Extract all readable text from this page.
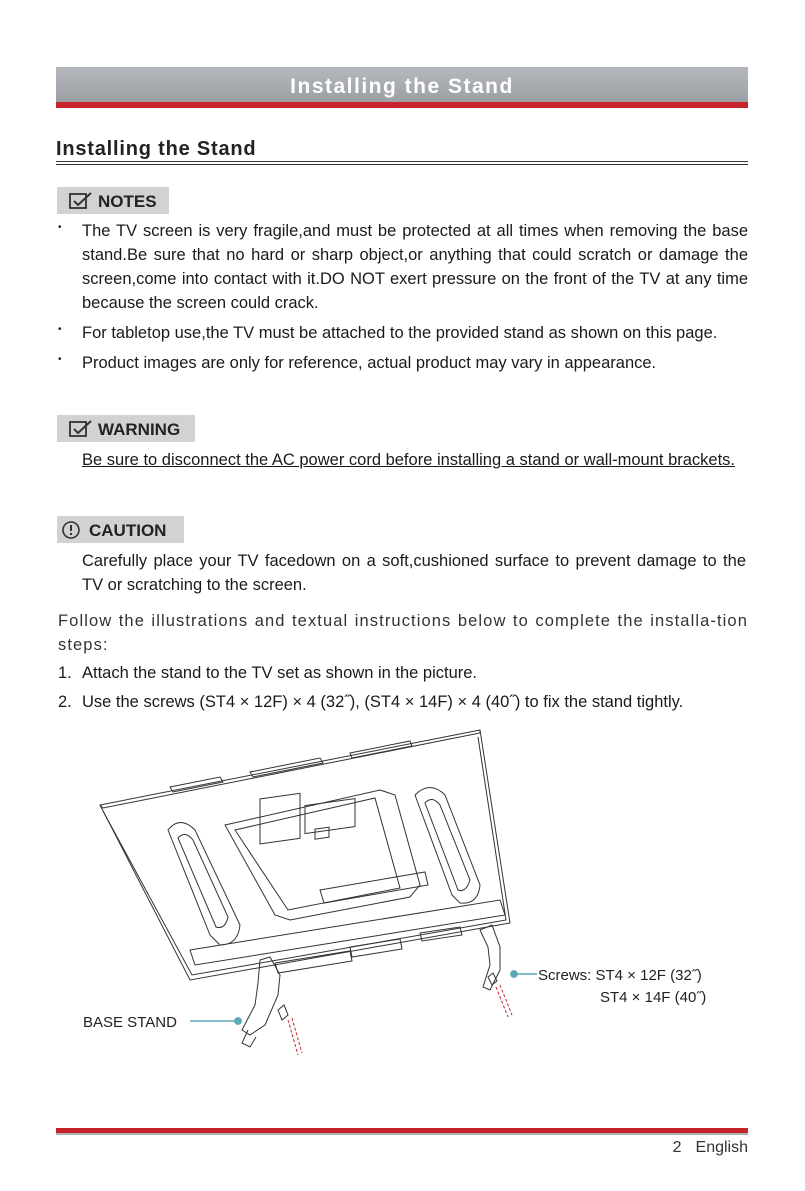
Installing the Stand
Installing the Stand
NOTES
• The TV screen is very fragile,and must be protected at all times when removing the base stand.Be sure that no hard or sharp object,or anything that could scratch or damage the screen,come into contact with it.DO NOT exert pressure on the front of the TV at any time because the screen could crack.
• For tabletop use,the TV must be attached to the provided stand as shown on this page.
• Product images are only for reference, actual product may vary in appearance.
WARNING
Be sure to disconnect the AC power cord before installing a stand or wall-mount brackets.
CAUTION
Carefully place your TV facedown on a soft,cushioned surface to prevent damage to the TV or scratching to the screen.
Follow the illustrations and textual instructions below to complete the installa-tion steps:
1. Attach the stand to the TV set as shown in the picture.
2. Use the screws (ST4 × 12F) × 4 (32˝), (ST4 × 14F) × 4 (40˝) to fix the stand tightly.
Screws: ST4 × 12F (32˝)
ST4 × 14F (40˝)
BASE STAND
2 English
